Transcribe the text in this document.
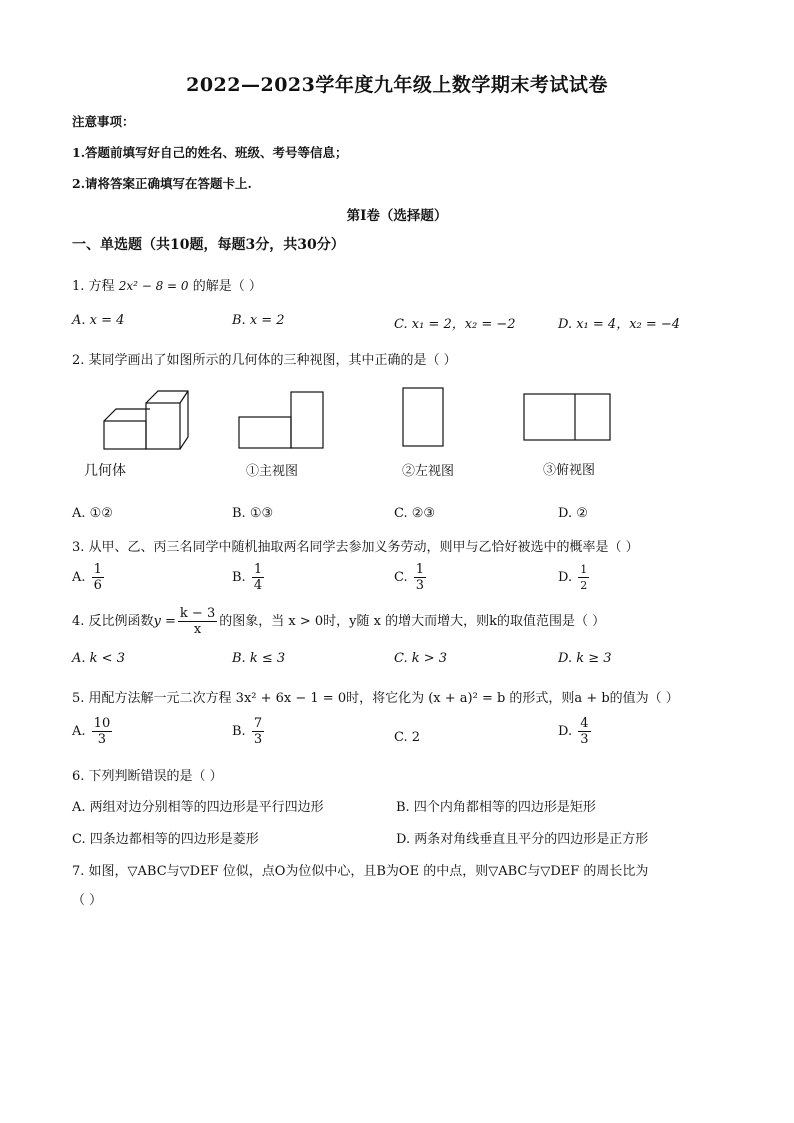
2022—2023学年度九年级上数学期末考试试卷
注意事项：
1.答题前填写好自己的姓名、班级、考号等信息；
2.请将答案正确填写在答题卡上.
第Ⅰ卷（选择题）
一、单选题（共10题，每题3分，共30分）
1. 方程 2x² − 8 = 0 的解是（ ）
A. x = 4	B. x = 2	C. x₁ = 2，x₂ = −2	D. x₁ = 4，x₂ = −4
2. 某同学画出了如图所示的几何体的三种视图，其中正确的是（ ）
几何体	①主视图	②左视图	③俯视图
A. ①②	B. ①③	C. ②③	D. ②
3. 从甲、乙、丙三名同学中随机抽取两名同学去参加义务劳动，则甲与乙恰好被选中的概率是（ ）
A. $\frac{1}{6}$	B. $\frac{1}{4}$	C. $\frac{1}{3}$	D. $\frac{1}{2}$
4. 反比例函数$y = \frac{k - 3}{x}$ 的图象，当 x > 0时，y随 x 的增大而增大，则k的取值范围是（ ）
A. k < 3	B. k ≤ 3	C. k > 3	D. k ≥ 3
5. 用配方法解一元二次方程 3x² + 6x − 1 = 0时，将它化为 (x + a)² = b 的形式，则a + b的值为（ ）
A. $\frac{10}{3}$	B. $\frac{7}{3}$	C. 2	D. $\frac{4}{3}$
6. 下列判断错误的是（ ）
A. 两组对边分别相等的四边形是平行四边形	B. 四个内角都相等的四边形是矩形
C. 四条边都相等的四边形是菱形	D. 两条对角线垂直且平分的四边形是正方形
7. 如图，▽ABC与▽DEF 位似，点O为位似中心，且B为OE 的中点，则▽ABC与▽DEF 的周长比为
（ ）
